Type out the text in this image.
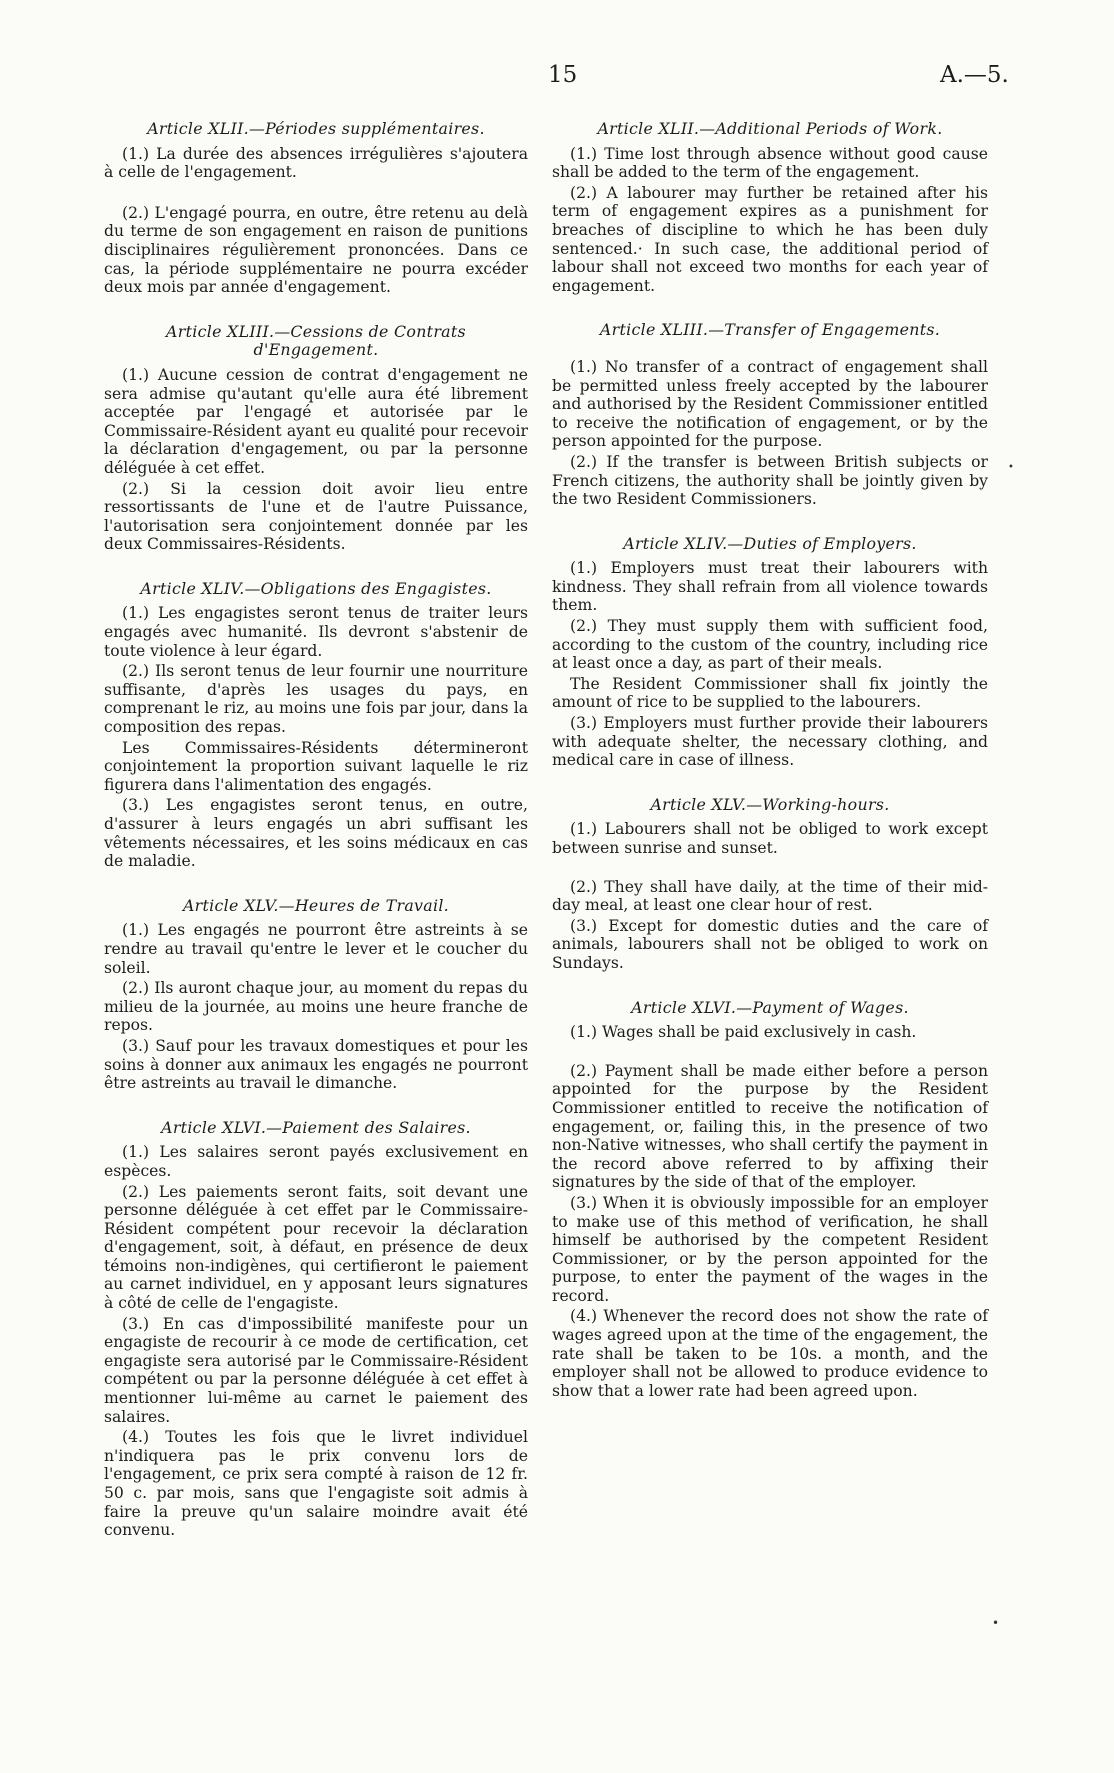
15	A.—5.
Article XLII.—Périodes supplémentaires.

(1.) La durée des absences irrégulières s'ajoutera à celle de l'engagement.

(2.) L'engagé pourra, en outre, être retenu au delà du terme de son engagement en raison de punitions disciplinaires régulièrement prononcées. Dans ce cas, la période supplémentaire ne pourra excéder deux mois par année d'engagement.

Article XLIII.—Cessions de Contrats d'Engagement.

(1.) Aucune cession de contrat d'engagement ne sera admise qu'autant qu'elle aura été librement acceptée par l'engagé et autorisée par le Commissaire-Résident ayant eu qualité pour recevoir la déclaration d'engagement, ou par la personne déléguée à cet effet.

(2.) Si la cession doit avoir lieu entre ressortissants de l'une et de l'autre Puissance, l'autorisation sera conjointement donnée par les deux Commissaires-Résidents.

Article XLIV.—Obligations des Engagistes.

(1.) Les engagistes seront tenus de traiter leurs engagés avec humanité. Ils devront s'abstenir de toute violence à leur égard.

(2.) Ils seront tenus de leur fournir une nourriture suffisante, d'après les usages du pays, en comprenant le riz, au moins une fois par jour, dans la composition des repas.

Les Commissaires-Résidents détermineront conjointement la proportion suivant laquelle le riz figurera dans l'alimentation des engagés.

(3.) Les engagistes seront tenus, en outre, d'assurer à leurs engagés un abri suffisant les vêtements nécessaires, et les soins médicaux en cas de maladie.

Article XLV.—Heures de Travail.

(1.) Les engagés ne pourront être astreints à se rendre au travail qu'entre le lever et le coucher du soleil.

(2.) Ils auront chaque jour, au moment du repas du milieu de la journée, au moins une heure franche de repos.

(3.) Sauf pour les travaux domestiques et pour les soins à donner aux animaux les engagés ne pourront être astreints au travail le dimanche.

Article XLVI.—Paiement des Salaires.

(1.) Les salaires seront payés exclusivement en espèces.

(2.) Les paiements seront faits, soit devant une personne déléguée à cet effet par le Commissaire-Résident compétent pour recevoir la déclaration d'engagement, soit, à défaut, en présence de deux témoins non-indigènes, qui certifieront le paiement au carnet individuel, en y apposant leurs signatures à côté de celle de l'engagiste.

(3.) En cas d'impossibilité manifeste pour un engagiste de recourir à ce mode de certification, cet engagiste sera autorisé par le Commissaire-Résident compétent ou par la personne déléguée à cet effet à mentionner lui-même au carnet le paiement des salaires.

(4.) Toutes les fois que le livret individuel n'indiquera pas le prix convenu lors de l'engagement, ce prix sera compté à raison de 12 fr. 50 c. par mois, sans que l'engagiste soit admis à faire la preuve qu'un salaire moindre avait été convenu.

Article XLII.—Additional Periods of Work.

(1.) Time lost through absence without good cause shall be added to the term of the engagement.

(2.) A labourer may further be retained after his term of engagement expires as a punishment for breaches of discipline to which he has been duly sentenced.· In such case, the additional period of labour shall not exceed two months for each year of engagement.

Article XLIII.—Transfer of Engagements.

(1.) No transfer of a contract of engagement shall be permitted unless freely accepted by the labourer and authorised by the Resident Commissioner entitled to receive the notification of engagement, or by the person appointed for the purpose.

(2.) If the transfer is between British subjects or French citizens, the authority shall be jointly given by the two Resident Commissioners.

Article XLIV.—Duties of Employers.

(1.) Employers must treat their labourers with kindness. They shall refrain from all violence towards them.

(2.) They must supply them with sufficient food, according to the custom of the country, including rice at least once a day, as part of their meals.

The Resident Commissioner shall fix jointly the amount of rice to be supplied to the labourers.

(3.) Employers must further provide their labourers with adequate shelter, the necessary clothing, and medical care in case of illness.

Article XLV.—Working-hours.

(1.) Labourers shall not be obliged to work except between sunrise and sunset.

(2.) They shall have daily, at the time of their mid-day meal, at least one clear hour of rest.

(3.) Except for domestic duties and the care of animals, labourers shall not be obliged to work on Sundays.

Article XLVI.—Payment of Wages.

(1.) Wages shall be paid exclusively in cash.

(2.) Payment shall be made either before a person appointed for the purpose by the Resident Commissioner entitled to receive the notification of engagement, or, failing this, in the presence of two non-Native witnesses, who shall certify the payment in the record above referred to by affixing their signatures by the side of that of the employer.

(3.) When it is obviously impossible for an employer to make use of this method of verification, he shall himself be authorised by the competent Resident Commissioner, or by the person appointed for the purpose, to enter the payment of the wages in the record.

(4.) Whenever the record does not show the rate of wages agreed upon at the time of the engagement, the rate shall be taken to be 10s. a month, and the employer shall not be allowed to produce evidence to show that a lower rate had been agreed upon.

•
•
